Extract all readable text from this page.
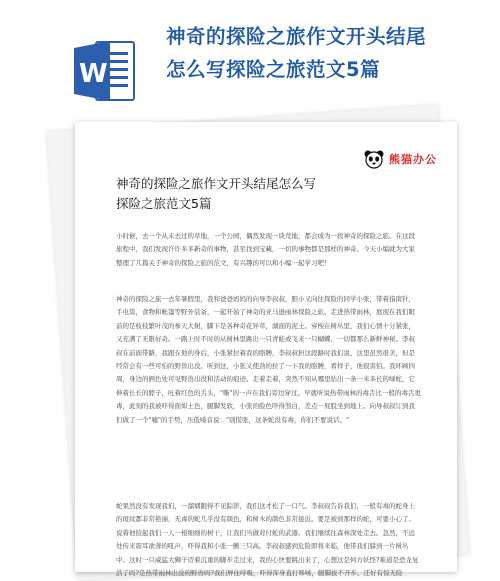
W
神奇的探险之旅作文开头结尾
怎么写探险之旅范文5篇
熊猫办公
神奇的探险之旅作文开头结尾怎么写
探险之旅范文5篇

小时候，去一个从未去过的草地，一个公园，偶然发现一块荒地，都会成为一段神奇的探险之旅。在这段旅程中，我们发现许许多多新奇的事物，甚至找到宝藏，一切的事物都是那样的神奇。今天小编就为大家整理了几篇关于神奇的探险之旅的范文，有兴趣的可以和小编一起学习吧！

神奇的探险之旅一去年暑假里，我和爸爸妈妈的向导李叔叔，胆小又向往探险的同学小张，带着指南针，手电筒，食物和帐篷等野外装备，一起开始了神奇的亚马逊雨林探险之旅。走进热带雨林，展现在我们眼前的是枝枝繁叶茂的参天大树，脚下是各种奇花异草，湖面的泥土。穿梭在树丛里，我们心情十分紧张，又充满了无限好奇。一路上时不时的从树林里跳出一只青蛙或飞来一只蝴蝶，一切都那么新鲜神秘。李叔叔在前面带路，我跟在他的身后，小张紧拉着我的胳膊，李叔叔担这段路时我们说，这里虽然很美，但是经常会有一些可怕的野兽出没。听到这，小张又使劲的拉了一下我的胳膊，看样子，他很害怕。我环顾四周，身边的俩色处可见野兽出没和活动的痕迹。走着走着，突然不知从哪里钻出一条一米多长的绿蛇，它伸着长长的脖子，吐着红色的舌头，"嘶"的一声在我们旁边穿过。早就听说热带雨林的毒舌比一般的毒舌更毒，此刻的我被吓得面如土色，腿脚发软，小张的脸色吓得煞白，差点一屁股坐到地上。向导叔叔订到我们做了一个"嘘"的手势，压低嗓音说："别慌张，这条蛇没有毒，你们不要说话。"

蛇果然没有发现我们，一溜烟跑得不见踪影，我们这才松了一口气。李叔叔告诉我们，一般有毒的蛇身上的斑纹都非常艳丽，无毒的蛇几乎没有颜色，和树木的颜色非常接近。要是被到那样的蛇，可要小心了。说着他捡起我们一人一根细细的树干，让我们当做对付蛇的武器。我们继续往森林深处走去。忽然，不远处传来震耳欲聋的吼声，吓得我和小张一颤三只高。李叔叔感到危险即将来临，他带我们躲到一片树丛中。这时一只威猛大狮子迈着沉重的脚步走过来，我的心快要跳出来了，心想这是何方妖怪?难道是恐龙复活了吗?是热带雨林出没的野兽吗?我们屏住呼吸，吓得浑身直打哆嗦，腿脚拔不开步。还好有惊无险
